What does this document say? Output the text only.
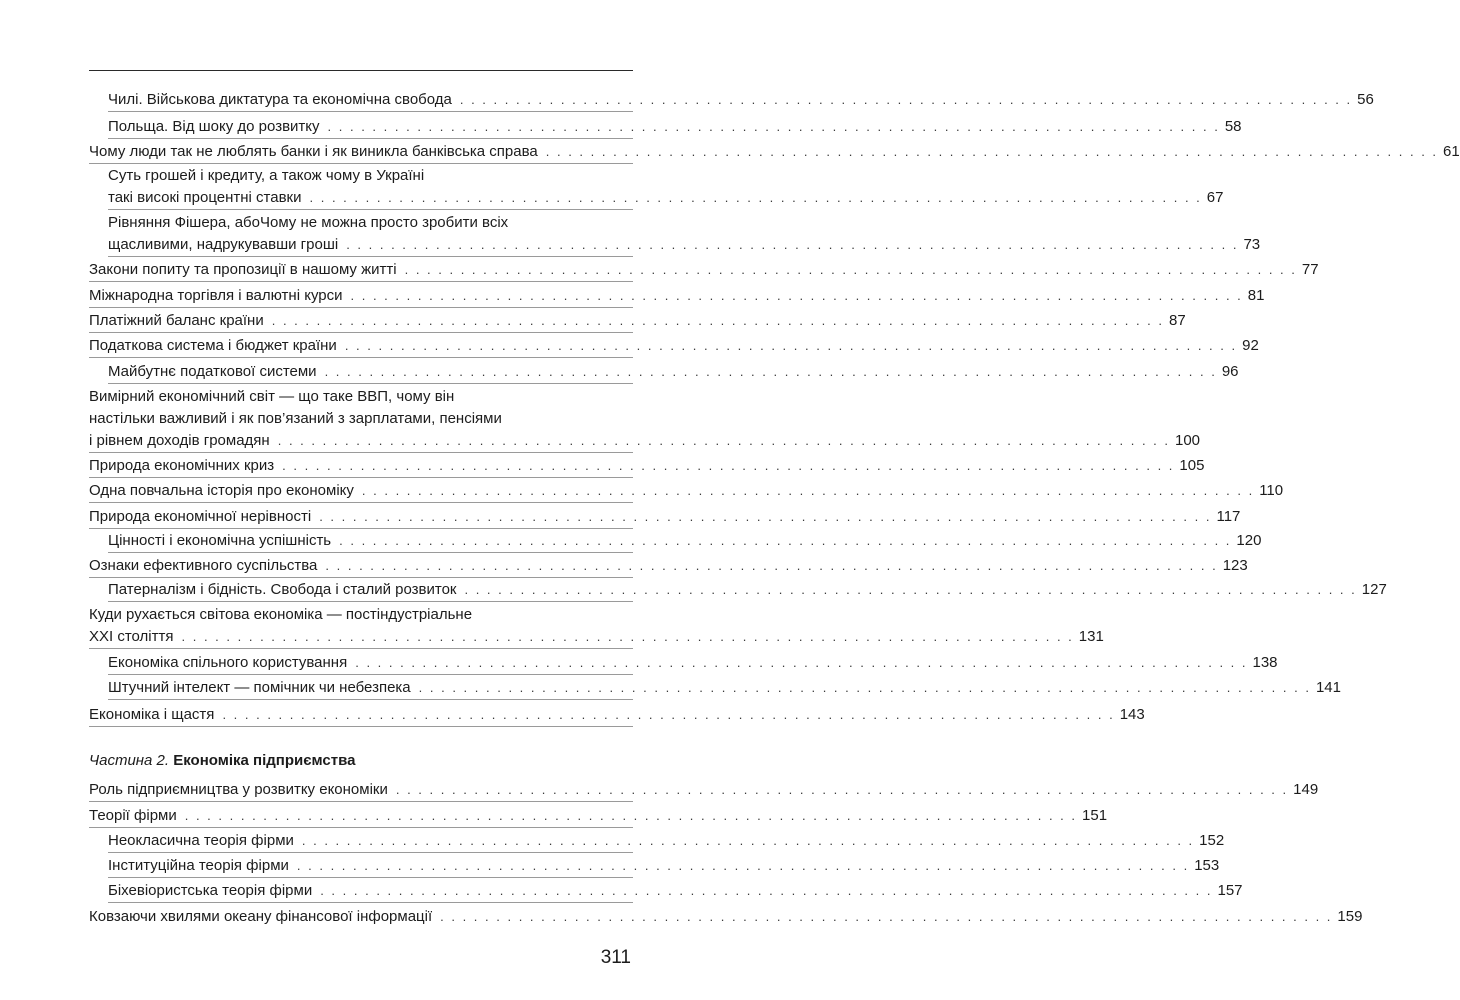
Чилі. Військова диктатура та економічна свобода . . . . . . . . . . . . . . . . . . . . . . . . . . . . . . . . . . . . . . . . . . . . . . . . . . . . . . . . . . . . . . . . . . . . . . . . . . . . . . . . 56
Польща. Від шоку до розвитку . . . . . . . . . . . . . . . . . . . . . . . . . . . . . . . . . . . . . . . . . . . . . . . . . . . . . . . . . . . . . . . . . . . . . . . . . . . . . . . . 58
Чому люди так не люблять банки і як виникла банківська справа . . . . . . . . . . . . . . . . . . . . . . . . . . . . . . . . . . . . . . . . . . . . . . . . . . . . . . . . . . . . . . . . . . . . . . . . . . . . . . . . 61
Суть грошей і кредиту, а також чому в Україні
такі високі процентні ставки . . . . . . . . . . . . . . . . . . . . . . . . . . . . . . . . . . . . . . . . . . . . . . . . . . . . . . . . . . . . . . . . . . . . . . . . . . . . . . . . 67
Рівняння Фішера, абоЧому не можна просто зробити всіх
щасливими, надрукувавши гроші . . . . . . . . . . . . . . . . . . . . . . . . . . . . . . . . . . . . . . . . . . . . . . . . . . . . . . . . . . . . . . . . . . . . . . . . . . . . . . . . 73
Закони попиту та пропозиції в нашому житті . . . . . . . . . . . . . . . . . . . . . . . . . . . . . . . . . . . . . . . . . . . . . . . . . . . . . . . . . . . . . . . . . . . . . . . . . . . . . . . . 77
Міжнародна торгівля і валютні курси . . . . . . . . . . . . . . . . . . . . . . . . . . . . . . . . . . . . . . . . . . . . . . . . . . . . . . . . . . . . . . . . . . . . . . . . . . . . . . . . 81
Платіжний баланс країни . . . . . . . . . . . . . . . . . . . . . . . . . . . . . . . . . . . . . . . . . . . . . . . . . . . . . . . . . . . . . . . . . . . . . . . . . . . . . . . . 87
Податкова система і бюджет країни . . . . . . . . . . . . . . . . . . . . . . . . . . . . . . . . . . . . . . . . . . . . . . . . . . . . . . . . . . . . . . . . . . . . . . . . . . . . . . . . 92
Майбутнє податкової системи . . . . . . . . . . . . . . . . . . . . . . . . . . . . . . . . . . . . . . . . . . . . . . . . . . . . . . . . . . . . . . . . . . . . . . . . . . . . . . . . 96
Вимірний економічний світ — що таке ВВП, чому він
настільки важливий і як пов’язаний з зарплатами, пенсіями
і рівнем доходів громадян . . . . . . . . . . . . . . . . . . . . . . . . . . . . . . . . . . . . . . . . . . . . . . . . . . . . . . . . . . . . . . . . . . . . . . . . . . . . . . . . 100
Природа економічних криз . . . . . . . . . . . . . . . . . . . . . . . . . . . . . . . . . . . . . . . . . . . . . . . . . . . . . . . . . . . . . . . . . . . . . . . . . . . . . . . . 105
Одна повчальна історія про економіку . . . . . . . . . . . . . . . . . . . . . . . . . . . . . . . . . . . . . . . . . . . . . . . . . . . . . . . . . . . . . . . . . . . . . . . . . . . . . . . . 110
Природа економічної нерівності . . . . . . . . . . . . . . . . . . . . . . . . . . . . . . . . . . . . . . . . . . . . . . . . . . . . . . . . . . . . . . . . . . . . . . . . . . . . . . . . 117
Цінності і економічна успішність . . . . . . . . . . . . . . . . . . . . . . . . . . . . . . . . . . . . . . . . . . . . . . . . . . . . . . . . . . . . . . . . . . . . . . . . . . . . . . . . 120
Ознаки ефективного суспільства . . . . . . . . . . . . . . . . . . . . . . . . . . . . . . . . . . . . . . . . . . . . . . . . . . . . . . . . . . . . . . . . . . . . . . . . . . . . . . . . 123
Патерналізм і бідність. Свобода і сталий розвиток . . . . . . . . . . . . . . . . . . . . . . . . . . . . . . . . . . . . . . . . . . . . . . . . . . . . . . . . . . . . . . . . . . . . . . . . . . . . . . . . 127
Куди рухається світова економіка — постіндустріальне
XXI століття . . . . . . . . . . . . . . . . . . . . . . . . . . . . . . . . . . . . . . . . . . . . . . . . . . . . . . . . . . . . . . . . . . . . . . . . . . . . . . . . 131
Економіка спільного користування . . . . . . . . . . . . . . . . . . . . . . . . . . . . . . . . . . . . . . . . . . . . . . . . . . . . . . . . . . . . . . . . . . . . . . . . . . . . . . . . 138
Штучний інтелект — помічник чи небезпека . . . . . . . . . . . . . . . . . . . . . . . . . . . . . . . . . . . . . . . . . . . . . . . . . . . . . . . . . . . . . . . . . . . . . . . . . . . . . . . . 141
Економіка і щастя . . . . . . . . . . . . . . . . . . . . . . . . . . . . . . . . . . . . . . . . . . . . . . . . . . . . . . . . . . . . . . . . . . . . . . . . . . . . . . . . 143
Роль підприємництва у розвитку економіки . . . . . . . . . . . . . . . . . . . . . . . . . . . . . . . . . . . . . . . . . . . . . . . . . . . . . . . . . . . . . . . . . . . . . . . . . . . . . . . . 149
Теорії фірми . . . . . . . . . . . . . . . . . . . . . . . . . . . . . . . . . . . . . . . . . . . . . . . . . . . . . . . . . . . . . . . . . . . . . . . . . . . . . . . . 151
Неокласична теорія фірми . . . . . . . . . . . . . . . . . . . . . . . . . . . . . . . . . . . . . . . . . . . . . . . . . . . . . . . . . . . . . . . . . . . . . . . . . . . . . . . . 152
Інституційна теорія фірми . . . . . . . . . . . . . . . . . . . . . . . . . . . . . . . . . . . . . . . . . . . . . . . . . . . . . . . . . . . . . . . . . . . . . . . . . . . . . . . . 153
Біхевіористська теорія фірми . . . . . . . . . . . . . . . . . . . . . . . . . . . . . . . . . . . . . . . . . . . . . . . . . . . . . . . . . . . . . . . . . . . . . . . . . . . . . . . . 157
Ковзаючи хвилями океану фінансової інформації . . . . . . . . . . . . . . . . . . . . . . . . . . . . . . . . . . . . . . . . . . . . . . . . . . . . . . . . . . . . . . . . . . . . . . . . . . . . . . . . 159
Частина 2. Економіка підприємства
311
